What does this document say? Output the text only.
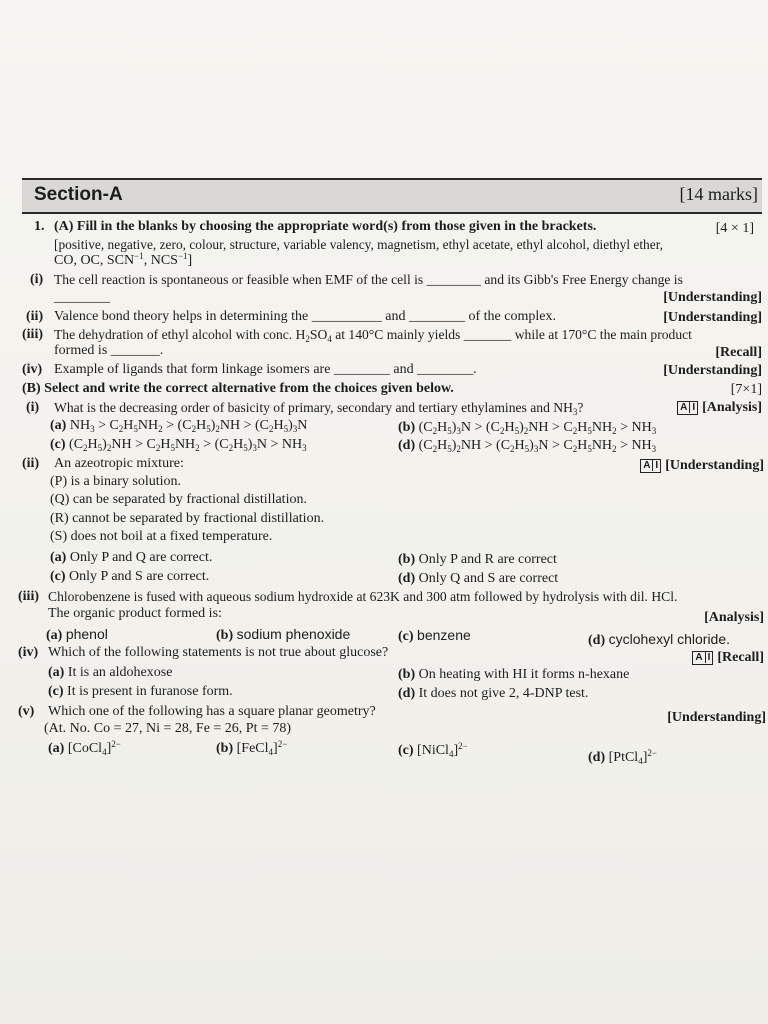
Section-A	[14 marks]
1. (A) Fill in the blanks by choosing the appropriate word(s) from those given in the brackets.	[4 × 1]
[positive, negative, zero, colour, structure, variable valency, magnetism, ethyl acetate, ethyl alcohol, diethyl ether,
CO, OC, $SCN^{-1}$, $NCS^{-1}$]
(i) The cell reaction is spontaneous or feasible when EMF of the cell is ________ and its Gibb's Free Energy change is
________	[Understanding]
(ii) Valence bond theory helps in determining the __________ and ________ of the complex.	[Understanding]
(iii) The dehydration of ethyl alcohol with conc. $H_2SO_4$ at 140°C mainly yields _______ while at 170°C the main product
formed is _______.	[Recall]
(iv) Example of ligands that form linkage isomers are ________ and ________.	[Understanding]
(B) Select and write the correct alternative from the choices given below.	[7×1]
(i) What is the decreasing order of basicity of primary, secondary and tertiary ethylamines and $NH_3$?	A I [Analysis]
(a) $NH_3 > C_2H_5NH_2 > (C_2H_5)_2NH > (C_2H_5)_3N$	(b) $(C_2H_5)_3N > (C_2H_5)_2NH > C_2H_5NH_2 > NH_3$
(c) $(C_2H_5)_2NH > C_2H_5NH_2 > (C_2H_5)_3N > NH_3$	(d) $(C_2H_5)_2NH > (C_2H_5)_3N > C_2H_5NH_2 > NH_3$
(ii) An azeotropic mixture:	A I [Understanding]
(P) is a binary solution.
(Q) can be separated by fractional distillation.
(R) cannot be separated by fractional distillation.
(S) does not boil at a fixed temperature.
(a) Only P and Q are correct.	(b) Only P and R are correct
(c) Only P and S are correct.	(d) Only Q and S are correct
(iii) Chlorobenzene is fused with aqueous sodium hydroxide at 623K and 300 atm followed by hydrolysis with dil. HCl.
The organic product formed is:	[Analysis]
(a) phenol	(b) sodium phenoxide	(c) benzene	(d) cyclohexyl chloride.
(iv) Which of the following statements is not true about glucose?	A I [Recall]
(a) It is an aldohexose	(b) On heating with HI it forms n-hexane
(c) It is present in furanose form.	(d) It does not give 2, 4-DNP test.
(v) Which one of the following has a square planar geometry?	[Understanding]
(At. No. Co = 27, Ni = 28, Fe = 26, Pt = 78)
(a) [CoCl$_4$]$^{2-}$	(b) [FeCl$_4$]$^{2-}$	(c) [NiCl$_4$]$^{2-}$
(d) [PtCl$_4$]$^{2-}$
